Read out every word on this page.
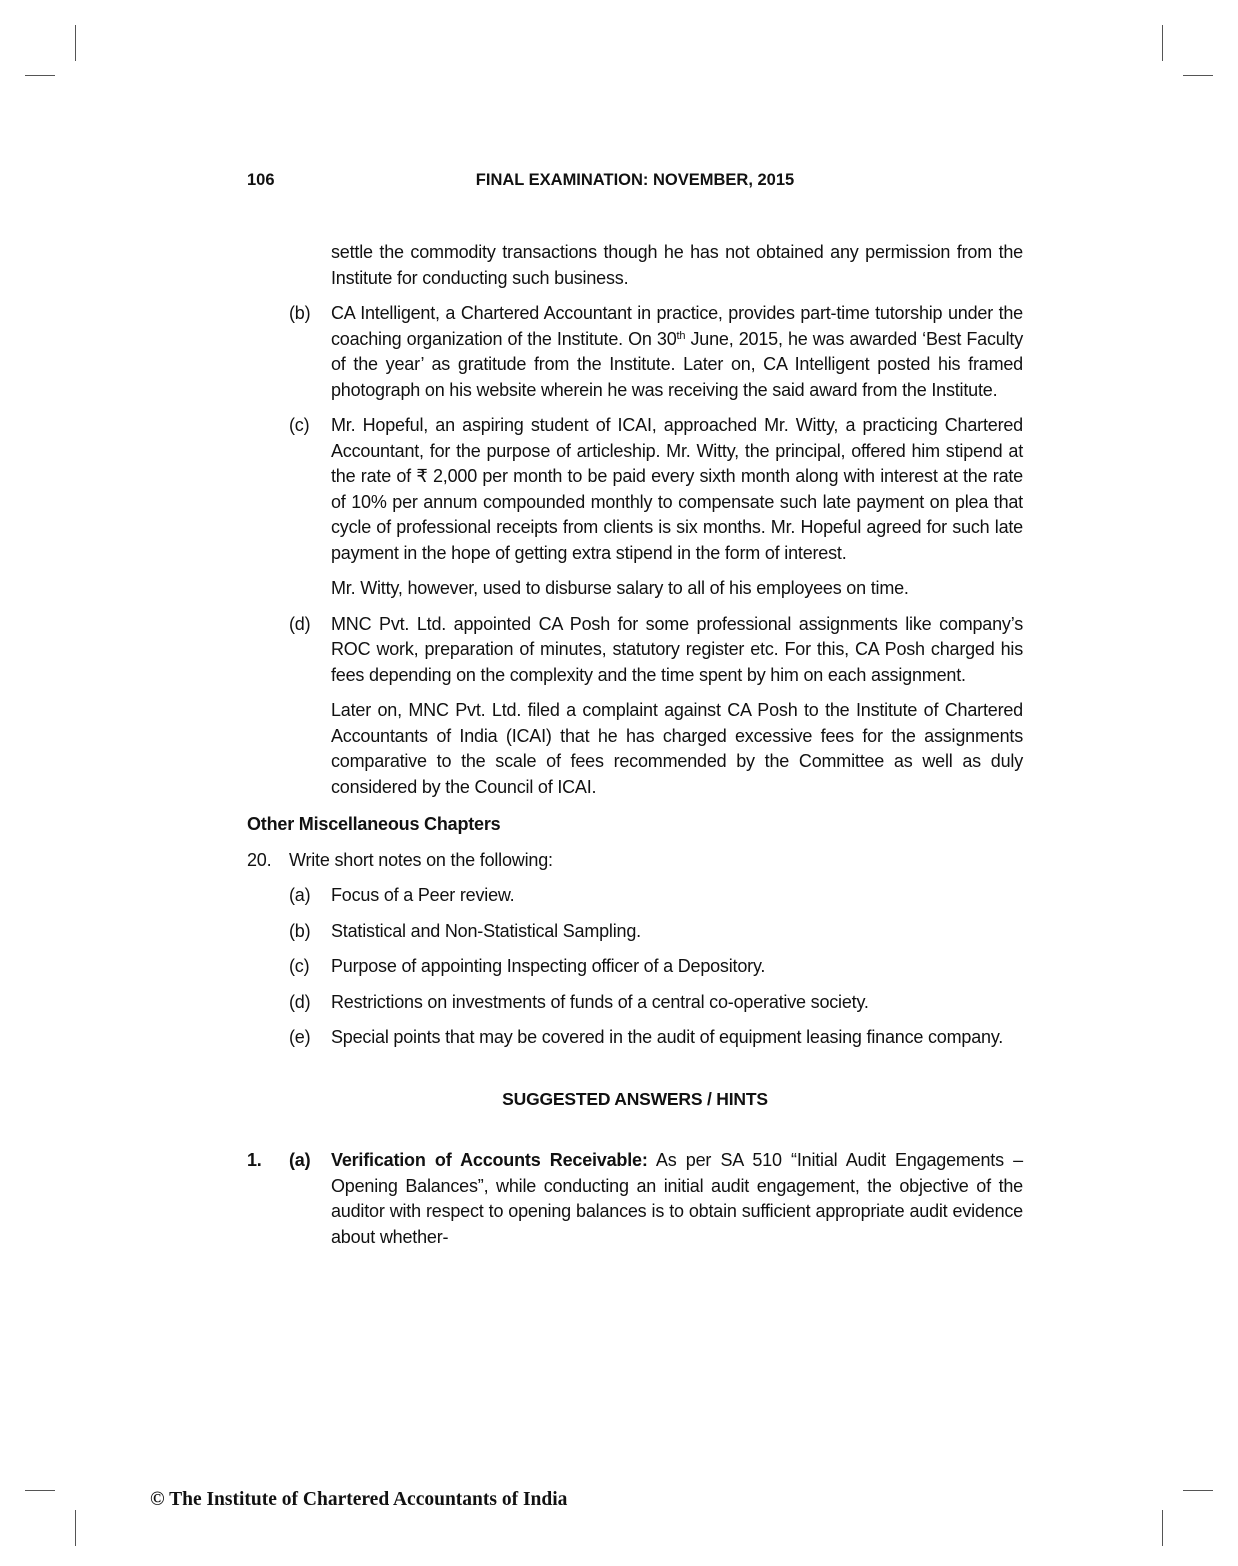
106	FINAL EXAMINATION: NOVEMBER, 2015

settle the commodity transactions though he has not obtained any permission from the Institute for conducting such business.

(b) CA Intelligent, a Chartered Accountant in practice, provides part-time tutorship under the coaching organization of the Institute. On 30th June, 2015, he was awarded ‘Best Faculty of the year’ as gratitude from the Institute. Later on, CA Intelligent posted his framed photograph on his website wherein he was receiving the said award from the Institute.

(c) Mr. Hopeful, an aspiring student of ICAI, approached Mr. Witty, a practicing Chartered Accountant, for the purpose of articleship. Mr. Witty, the principal, offered him stipend at the rate of ₹ 2,000 per month to be paid every sixth month along with interest at the rate of 10% per annum compounded monthly to compensate such late payment on plea that cycle of professional receipts from clients is six months. Mr. Hopeful agreed for such late payment in the hope of getting extra stipend in the form of interest.

Mr. Witty, however, used to disburse salary to all of his employees on time.

(d) MNC Pvt. Ltd. appointed CA Posh for some professional assignments like company’s ROC work, preparation of minutes, statutory register etc. For this, CA Posh charged his fees depending on the complexity and the time spent by him on each assignment.

Later on, MNC Pvt. Ltd. filed a complaint against CA Posh to the Institute of Chartered Accountants of India (ICAI) that he has charged excessive fees for the assignments comparative to the scale of fees recommended by the Committee as well as duly considered by the Council of ICAI.

Other Miscellaneous Chapters

20. Write short notes on the following:

(a) Focus of a Peer review.

(b) Statistical and Non-Statistical Sampling.

(c) Purpose of appointing Inspecting officer of a Depository.

(d) Restrictions on investments of funds of a central co-operative society.

(e) Special points that may be covered in the audit of equipment leasing finance company.

SUGGESTED ANSWERS / HINTS

1. (a) Verification of Accounts Receivable: As per SA 510 “Initial Audit Engagements – Opening Balances”, while conducting an initial audit engagement, the objective of the auditor with respect to opening balances is to obtain sufficient appropriate audit evidence about whether-

© The Institute of Chartered Accountants of India
